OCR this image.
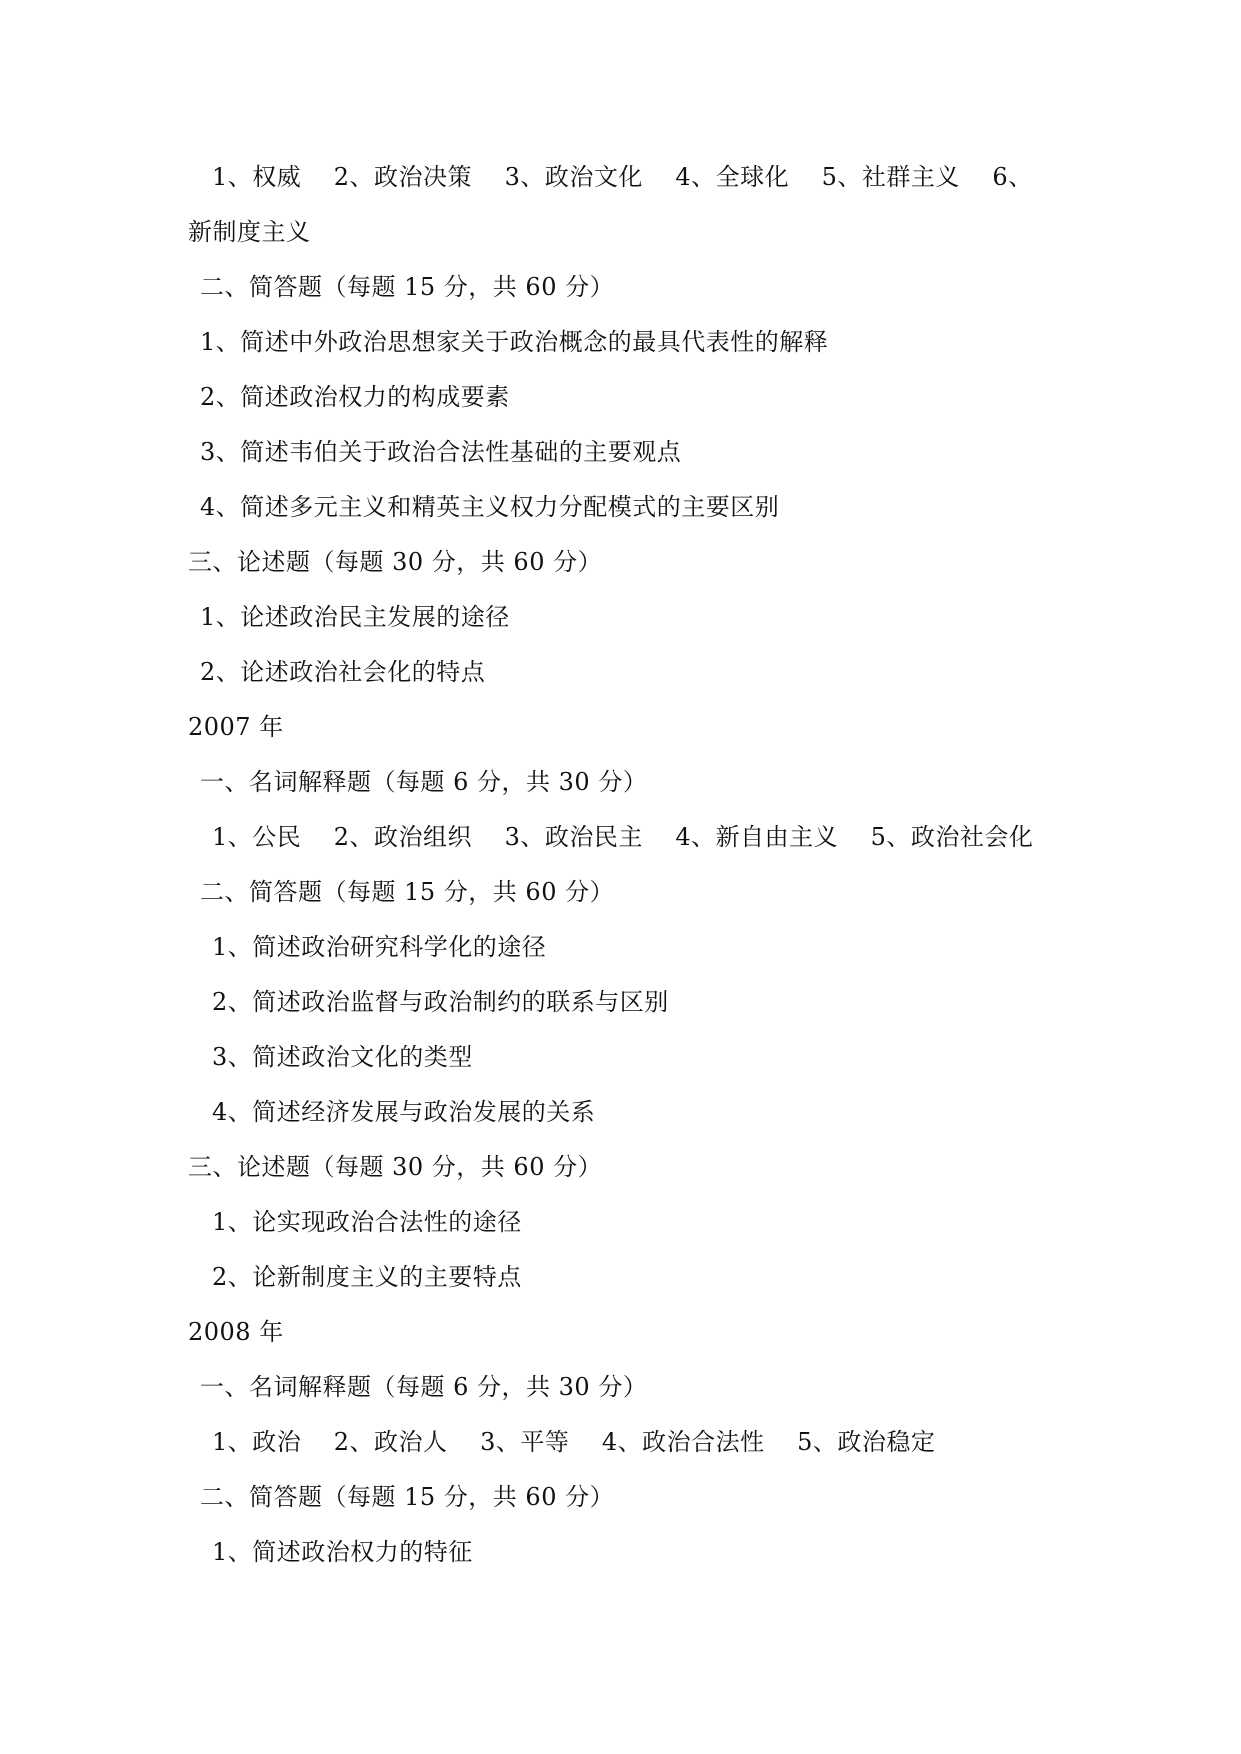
1、权威    2、政治决策    3、政治文化    4、全球化    5、社群主义    6、
新制度主义
二、简答题（每题 15 分，共 60 分）
1、简述中外政治思想家关于政治概念的最具代表性的解释
2、简述政治权力的构成要素
3、简述韦伯关于政治合法性基础的主要观点
4、简述多元主义和精英主义权力分配模式的主要区别
三、论述题（每题 30 分，共 60 分）
1、论述政治民主发展的途径
2、论述政治社会化的特点
2007 年
一、名词解释题（每题 6 分，共 30 分）
1、公民    2、政治组织    3、政治民主    4、新自由主义    5、政治社会化
二、简答题（每题 15 分，共 60 分）
1、简述政治研究科学化的途径
2、简述政治监督与政治制约的联系与区别
3、简述政治文化的类型
4、简述经济发展与政治发展的关系
三、论述题（每题 30 分，共 60 分）
1、论实现政治合法性的途径
2、论新制度主义的主要特点
2008 年
一、名词解释题（每题 6 分，共 30 分）
1、政治    2、政治人    3、平等    4、政治合法性    5、政治稳定
二、简答题（每题 15 分，共 60 分）
1、简述政治权力的特征
